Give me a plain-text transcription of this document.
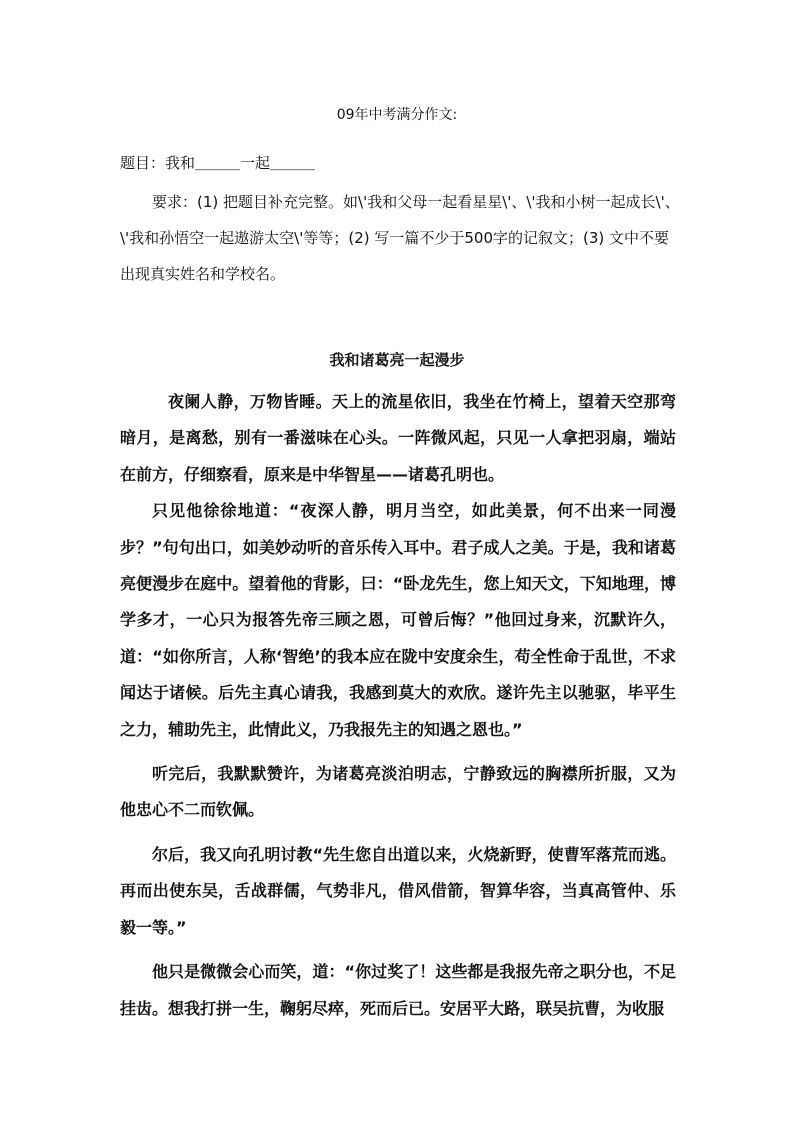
09年中考满分作文:
题目：我和＿＿＿一起＿＿＿
要求：(1) 把题目补充完整。如\'我和父母一起看星星\'、\'我和小树一起成长\'、\'我和孙悟空一起遨游太空\'等等；(2) 写一篇不少于500字的记叙文；(3) 文中不要出现真实姓名和学校名。
我和诸葛亮一起漫步

夜阑人静，万物皆睡。天上的流星依旧，我坐在竹椅上，望着天空那弯暗月，是离愁，别有一番滋味在心头。一阵微风起，只见一人拿把羽扇，端站在前方，仔细察看，原来是中华智星——诸葛孔明也。

只见他徐徐地道：“夜深人静，明月当空，如此美景，何不出来一同漫步？”句句出口，如美妙动听的音乐传入耳中。君子成人之美。于是，我和诸葛亮便漫步在庭中。望着他的背影，曰：“卧龙先生，您上知天文，下知地理，博学多才，一心只为报答先帝三顾之恩，可曾后悔？”他回过身来，沉默许久，道：“如你所言，人称‘智绝’的我本应在陇中安度余生，苟全性命于乱世，不求闻达于诸候。后先主真心请我，我感到莫大的欢欣。遂许先主以驰驱，毕平生之力，辅助先主，此情此义，乃我报先主的知遇之恩也。”

听完后，我默默赞许，为诸葛亮淡泊明志，宁静致远的胸襟所折服，又为他忠心不二而钦佩。

尔后，我又向孔明讨教“先生您自出道以来，火烧新野，使曹军落荒而逃。再而出使东吴，舌战群儒，气势非凡，借风借箭，智算华容，当真高管仲、乐毅一等。”

他只是微微会心而笑，道：“你过奖了！这些都是我报先帝之职分也，不足挂齿。想我打拼一生，鞠躬尽瘁，死而后已。安居平大路，联吴抗曹，为收服
